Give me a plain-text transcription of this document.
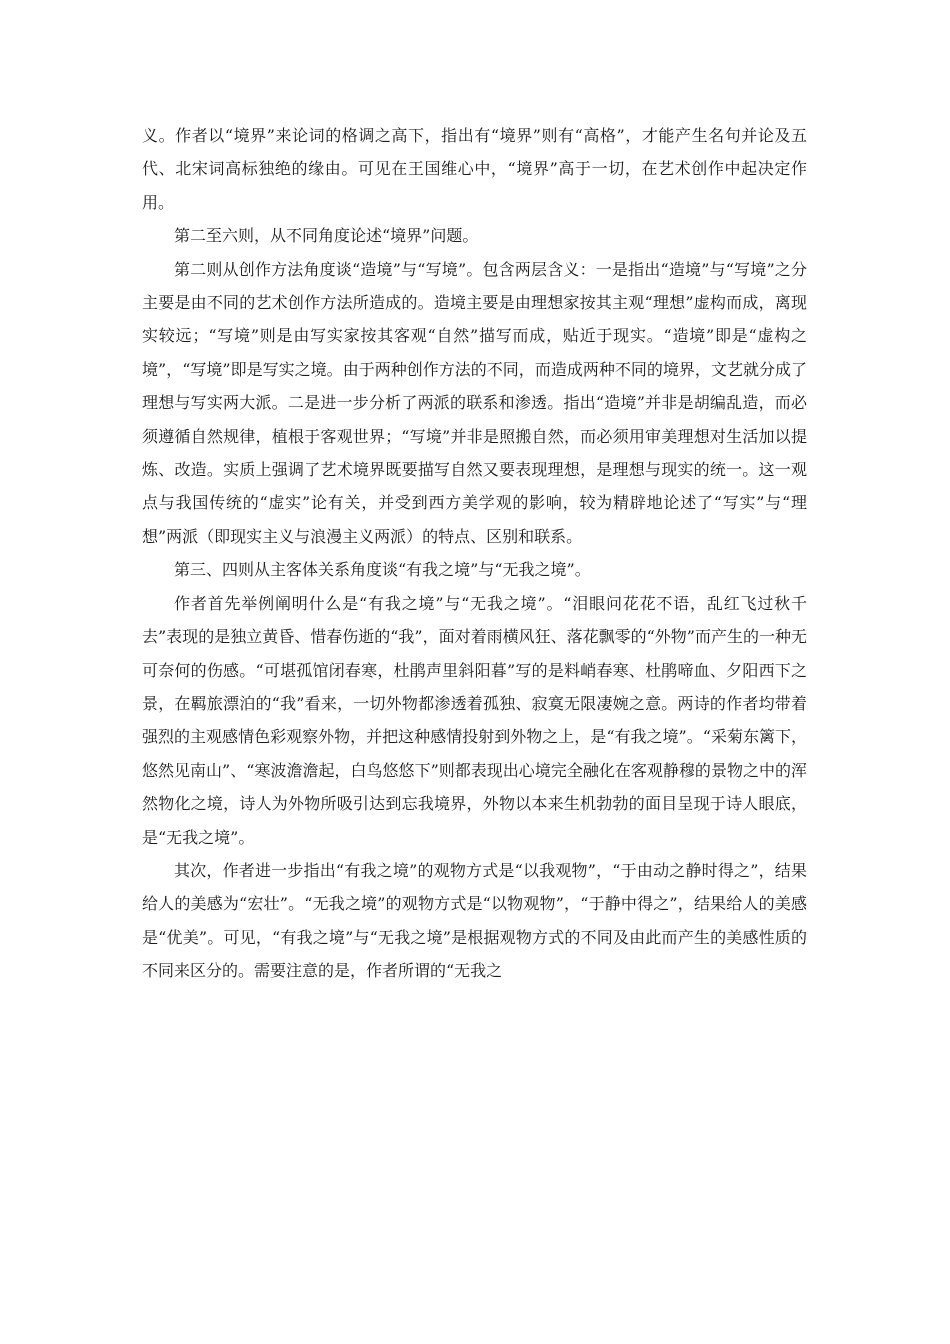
义。作者以“境界”来论词的格调之高下，指出有“境界”则有“高格”，才能产生名句并论及五代、北宋词高标独绝的缘由。可见在王国维心中，“境界”高于一切，在艺术创作中起决定作用。

第二至六则，从不同角度论述“境界”问题。

第二则从创作方法角度谈“造境”与“写境”。包含两层含义：一是指出“造境”与“写境”之分主要是由不同的艺术创作方法所造成的。造境主要是由理想家按其主观“理想”虚构而成，离现实较远；“写境”则是由写实家按其客观“自然”描写而成，贴近于现实。“造境”即是“虚构之境”，“写境”即是写实之境。由于两种创作方法的不同，而造成两种不同的境界，文艺就分成了理想与写实两大派。二是进一步分析了两派的联系和渗透。指出“造境”并非是胡编乱造，而必须遵循自然规律，植根于客观世界；“写境”并非是照搬自然，而必须用审美理想对生活加以提炼、改造。实质上强调了艺术境界既要描写自然又要表现理想，是理想与现实的统一。这一观点与我国传统的“虚实”论有关，并受到西方美学观的影响，较为精辟地论述了“写实”与“理想”两派（即现实主义与浪漫主义两派）的特点、区别和联系。

第三、四则从主客体关系角度谈“有我之境”与“无我之境”。

作者首先举例阐明什么是“有我之境”与“无我之境”。“泪眼问花花不语，乱红飞过秋千去”表现的是独立黄昏、惜春伤逝的“我”，面对着雨横风狂、落花飘零的“外物”而产生的一种无可奈何的伤感。“可堪孤馆闭春寒，杜鹃声里斜阳暮”写的是料峭春寒、杜鹃啼血、夕阳西下之景，在羁旅漂泊的“我”看来，一切外物都渗透着孤独、寂寞无限凄婉之意。两诗的作者均带着强烈的主观感情色彩观察外物，并把这种感情投射到外物之上，是“有我之境”。“采菊东篱下，悠然见南山”、“寒波澹澹起，白鸟悠悠下”则都表现出心境完全融化在客观静穆的景物之中的浑然物化之境，诗人为外物所吸引达到忘我境界，外物以本来生机勃勃的面目呈现于诗人眼底，是“无我之境”。

其次，作者进一步指出“有我之境”的观物方式是“以我观物”，“于由动之静时得之”，结果给人的美感为“宏壮”。“无我之境”的观物方式是“以物观物”，“于静中得之”，结果给人的美感是“优美”。可见，“有我之境”与“无我之境”是根据观物方式的不同及由此而产生的美感性质的不同来区分的。需要注意的是，作者所谓的“无我之
